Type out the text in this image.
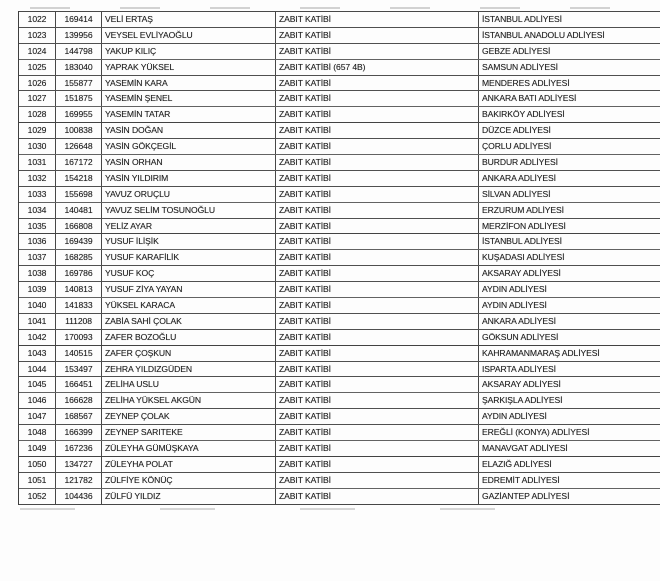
1022	169414	VELİ ERTAŞ	ZABIT KATİBİ	İSTANBUL ADLİYESİ
1023	139956	VEYSEL EVLİYAOĞLU	ZABIT KATİBİ	İSTANBUL ANADOLU ADLİYESİ
1024	144798	YAKUP KILIÇ	ZABIT KATİBİ	GEBZE ADLİYESİ
1025	183040	YAPRAK YÜKSEL	ZABIT KATİBİ (657 4B)	SAMSUN ADLİYESİ
1026	155877	YASEMİN KARA	ZABIT KATİBİ	MENDERES ADLİYESİ
1027	151875	YASEMİN ŞENEL	ZABIT KATİBİ	ANKARA BATI ADLİYESİ
1028	169955	YASEMİN TATAR	ZABIT KATİBİ	BAKIRKÖY ADLİYESİ
1029	100838	YASİN DOĞAN	ZABIT KATİBİ	DÜZCE ADLİYESİ
1030	126648	YASİN GÖKÇEGİL	ZABIT KATİBİ	ÇORLU ADLİYESİ
1031	167172	YASİN ORHAN	ZABIT KATİBİ	BURDUR ADLİYESİ
1032	154218	YASİN YILDIRIM	ZABIT KATİBİ	ANKARA ADLİYESİ
1033	155698	YAVUZ ORUÇLU	ZABIT KATİBİ	SİLVAN ADLİYESİ
1034	140481	YAVUZ SELİM TOSUNOĞLU	ZABIT KATİBİ	ERZURUM ADLİYESİ
1035	166808	YELİZ AYAR	ZABIT KATİBİ	MERZİFON ADLİYESİ
1036	169439	YUSUF İLİŞİK	ZABIT KATİBİ	İSTANBUL ADLİYESİ
1037	168285	YUSUF KARAFİLİK	ZABIT KATİBİ	KUŞADASI ADLİYESİ
1038	169786	YUSUF KOÇ	ZABIT KATİBİ	AKSARAY ADLİYESİ
1039	140813	YUSUF ZİYA YAYAN	ZABIT KATİBİ	AYDIN ADLİYESİ
1040	141833	YÜKSEL KARACA	ZABIT KATİBİ	AYDIN ADLİYESİ
1041	111208	ZABİA SAHİ ÇOLAK	ZABIT KATİBİ	ANKARA ADLİYESİ
1042	170093	ZAFER BOZOĞLU	ZABIT KATİBİ	GÖKSUN ADLİYESİ
1043	140515	ZAFER ÇOŞKUN	ZABIT KATİBİ	KAHRAMANMARAŞ ADLİYESİ
1044	153497	ZEHRA YILDIZGÜDEN	ZABIT KATİBİ	ISPARTA ADLİYESİ
1045	166451	ZELİHA USLU	ZABIT KATİBİ	AKSARAY ADLİYESİ
1046	166628	ZELİHA YÜKSEL AKGÜN	ZABIT KATİBİ	ŞARKIŞLA ADLİYESİ
1047	168567	ZEYNEP ÇOLAK	ZABIT KATİBİ	AYDIN ADLİYESİ
1048	166399	ZEYNEP SARITEKE	ZABIT KATİBİ	EREĞLİ (KONYA) ADLİYESİ
1049	167236	ZÜLEYHA GÜMÜŞKAYA	ZABIT KATİBİ	MANAVGAT ADLİYESİ
1050	134727	ZÜLEYHA POLAT	ZABIT KATİBİ	ELAZIĞ ADLİYESİ
1051	121782	ZÜLFİYE KÖNÜÇ	ZABIT KATİBİ	EDREMİT ADLİYESİ
1052	104436	ZÜLFÜ YILDIZ	ZABIT KATİBİ	GAZİANTEP ADLİYESİ
